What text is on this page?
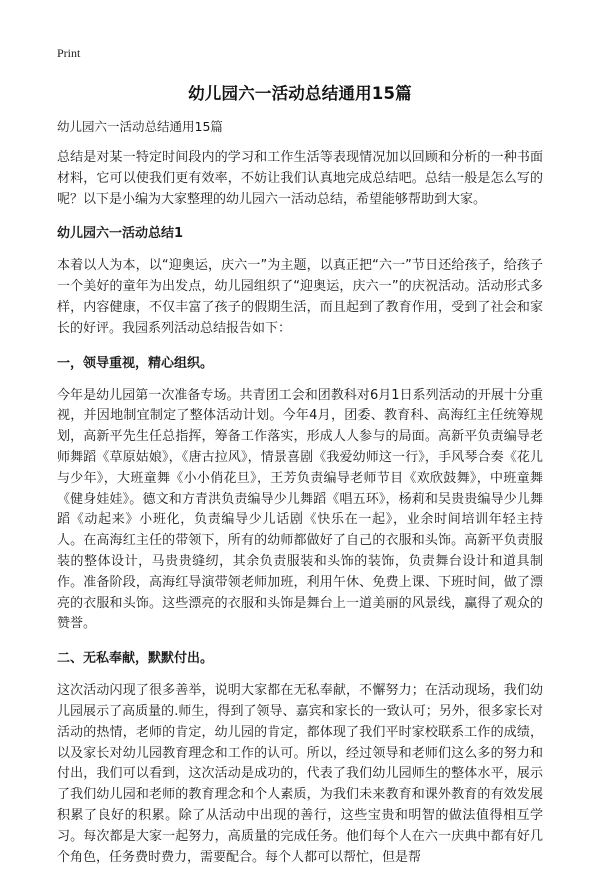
Print
幼儿园六一活动总结通用15篇

幼儿园六一活动总结通用15篇

总结是对某一特定时间段内的学习和工作生活等表现情况加以回顾和分析的一种书面材料，它可以使我们更有效率，不妨让我们认真地完成总结吧。总结一般是怎么写的呢？以下是小编为大家整理的幼儿园六一活动总结，希望能够帮助到大家。

幼儿园六一活动总结1

本着以人为本，以“迎奥运，庆六一”为主题，以真正把“六一”节日还给孩子，给孩子一个美好的童年为出发点，幼儿园组织了“迎奥运，庆六一”的庆祝活动。活动形式多样，内容健康，不仅丰富了孩子的假期生活，而且起到了教育作用，受到了社会和家长的好评。我园系列活动总结报告如下：

一，领导重视，精心组织。

今年是幼儿园第一次准备专场。共青团工会和团教科对6月1日系列活动的开展十分重视，并因地制宜制定了整体活动计划。今年4月，团委、教育科、高海红主任统筹规划，高新平先生任总指挥，筹备工作落实，形成人人参与的局面。高新平负责编导老师舞蹈《草原姑娘》，《唐古拉风》，情景喜剧《我爱幼师这一行》，手风琴合奏《花儿与少年》，大班童舞《小小俏花旦》，王芳负责编导老师节目《欢欣鼓舞》，中班童舞《健身娃娃》。德文和方青洪负责编导少儿舞蹈《唱五环》，杨莉和吴贵贵编导少儿舞蹈《动起来》小班化，负责编导少儿话剧《快乐在一起》，业余时间培训年轻主持人。在高海红主任的带领下，所有的幼师都做好了自己的衣服和头饰。高新平负责服装的整体设计，马贵贵缝纫，其余负责服装和头饰的装饰，负责舞台设计和道具制作。准备阶段，高海红导演带领老师加班，利用午休、免费上课、下班时间，做了漂亮的衣服和头饰。这些漂亮的衣服和头饰是舞台上一道美丽的风景线，赢得了观众的赞誉。

二、无私奉献，默默付出。

这次活动闪现了很多善举，说明大家都在无私奉献，不懈努力；在活动现场，我们幼儿园展示了高质量的.师生，得到了领导、嘉宾和家长的一致认可；另外，很多家长对活动的热情，老师的肯定，幼儿园的肯定，都体现了我们平时家校联系工作的成绩，以及家长对幼儿园教育理念和工作的认可。所以，经过领导和老师们这么多的努力和付出，我们可以看到，这次活动是成功的，代表了我们幼儿园师生的整体水平，展示了我们幼儿园和老师的教育理念和个人素质，为我们未来教育和课外教育的有效发展积累了良好的积累。除了从活动中出现的善行，这些宝贵和明智的做法值得相互学习。每次都是大家一起努力，高质量的完成任务。他们每个人在六一庆典中都有好几个角色，任务费时费力，需要配合。每个人都可以帮忙，但是帮
